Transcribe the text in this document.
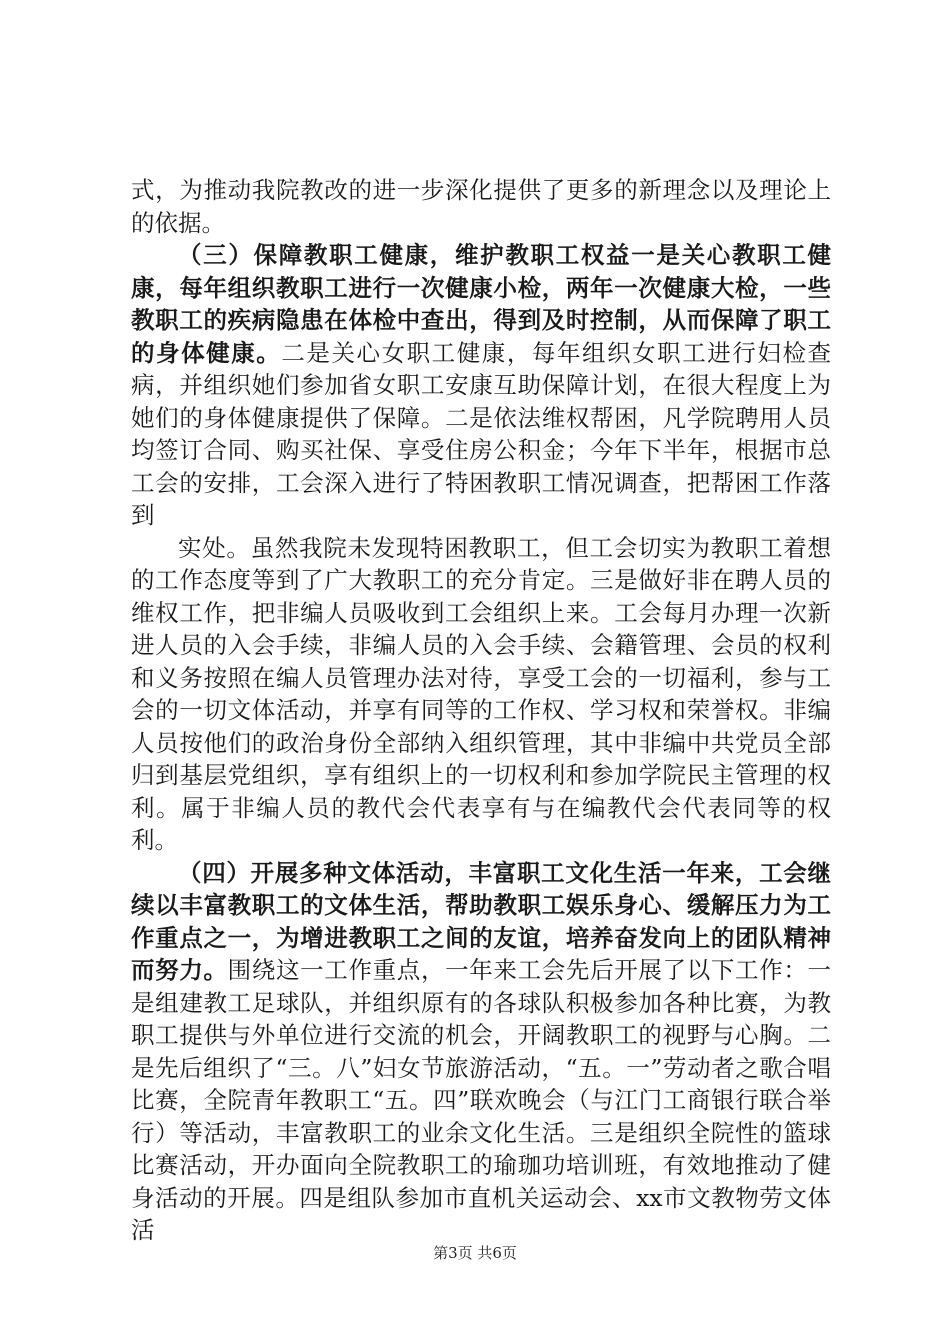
式，为推动我院教改的进一步深化提供了更多的新理念以及理论上的依据。

（三）保障教职工健康，维护教职工权益一是关心教职工健康，每年组织教职工进行一次健康小检，两年一次健康大检，一些教职工的疾病隐患在体检中查出，得到及时控制，从而保障了职工的身体健康。二是关心女职工健康，每年组织女职工进行妇检查病，并组织她们参加省女职工安康互助保障计划，在很大程度上为她们的身体健康提供了保障。二是依法维权帮困，凡学院聘用人员均签订合同、购买社保、享受住房公积金；今年下半年，根据市总工会的安排，工会深入进行了特困教职工情况调查，把帮困工作落到

实处。虽然我院未发现特困教职工，但工会切实为教职工着想的工作态度等到了广大教职工的充分肯定。三是做好非在聘人员的维权工作，把非编人员吸收到工会组织上来。工会每月办理一次新进人员的入会手续，非编人员的入会手续、会籍管理、会员的权利和义务按照在编人员管理办法对待，享受工会的一切福利，参与工会的一切文体活动，并享有同等的工作权、学习权和荣誉权。非编人员按他们的政治身份全部纳入组织管理，其中非编中共党员全部归到基层党组织，享有组织上的一切权利和参加学院民主管理的权利。属于非编人员的教代会代表享有与在编教代会代表同等的权利。

（四）开展多种文体活动，丰富职工文化生活一年来，工会继续以丰富教职工的文体生活，帮助教职工娱乐身心、缓解压力为工作重点之一，为增进教职工之间的友谊，培养奋发向上的团队精神而努力。围绕这一工作重点，一年来工会先后开展了以下工作：一是组建教工足球队，并组织原有的各球队积极参加各种比赛，为教职工提供与外单位进行交流的机会，开阔教职工的视野与心胸。二是先后组织了“三。八”妇女节旅游活动，“五。一”劳动者之歌合唱比赛，全院青年教职工“五。四”联欢晚会（与江门工商银行联合举行）等活动，丰富教职工的业余文化生活。三是组织全院性的篮球比赛活动，开办面向全院教职工的瑜珈功培训班，有效地推动了健身活动的开展。四是组队参加市直机关运动会、xx市文教物劳文体活

第3页 共6页
